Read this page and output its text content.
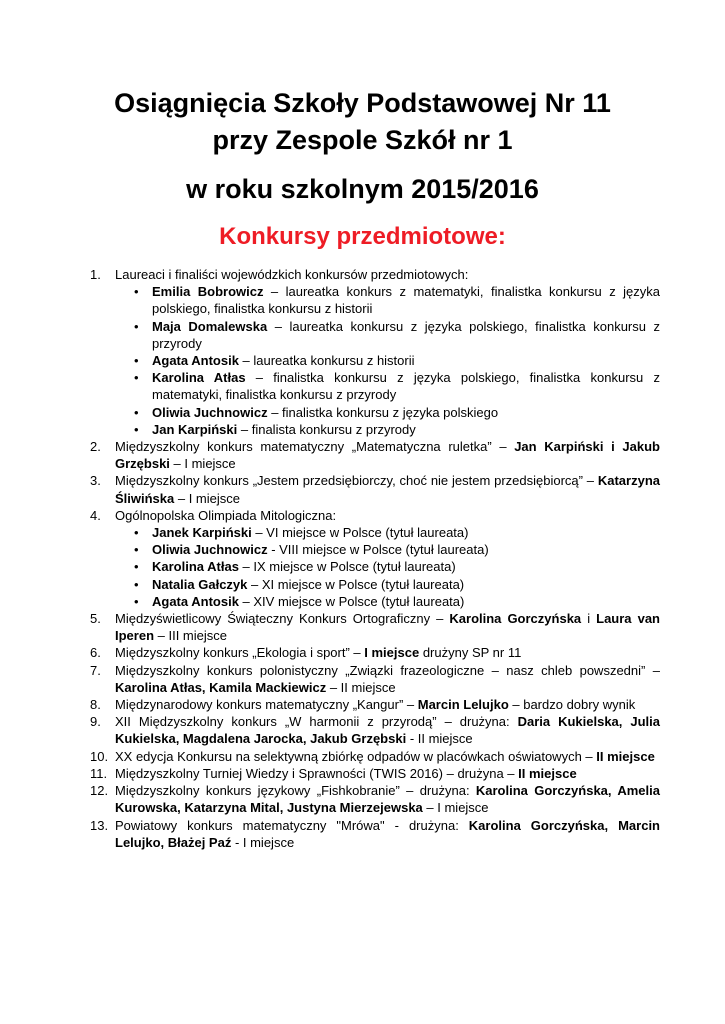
Osiągnięcia Szkoły Podstawowej Nr 11
przy Zespole Szkół nr 1
w roku szkolnym 2015/2016
Konkursy przedmiotowe:
1. Laureaci i finaliści wojewódzkich konkursów przedmiotowych:
• Emilia Bobrowicz – laureatka konkurs z matematyki, finalistka konkursu z języka polskiego, finalistka konkursu z historii
• Maja Domalewska – laureatka konkursu z języka polskiego, finalistka konkursu z przyrody
• Agata Antosik – laureatka konkursu z historii
• Karolina Atłas – finalistka konkursu z języka polskiego, finalistka konkursu z matematyki, finalistka konkursu z przyrody
• Oliwia Juchnowicz – finalistka konkursu z języka polskiego
• Jan Karpiński – finalista konkursu z przyrody
2. Międzyszkolny konkurs matematyczny „Matematyczna ruletka” – Jan Karpiński i Jakub Grzębski – I miejsce
3. Międzyszkolny konkurs „Jestem przedsiębiorczy, choć nie jestem przedsiębiorcą” – Katarzyna Śliwińska – I miejsce
4. Ogólnopolska Olimpiada Mitologiczna:
• Janek Karpiński – VI miejsce w Polsce (tytuł laureata)
• Oliwia Juchnowicz - VIII miejsce w Polsce (tytuł laureata)
• Karolina Atłas – IX miejsce w Polsce (tytuł laureata)
• Natalia Gałczyk – XI miejsce w Polsce (tytuł laureata)
• Agata Antosik – XIV miejsce w Polsce (tytuł laureata)
5. Międzyświetlicowy Świąteczny Konkurs Ortograficzny – Karolina Gorczyńska i Laura van Iperen – III miejsce
6. Międzyszkolny konkurs „Ekologia i sport” – I miejsce drużyny SP nr 11
7. Międzyszkolny konkurs polonistyczny „Związki frazeologiczne – nasz chleb powszedni” – Karolina Atłas, Kamila Mackiewicz – II miejsce
8. Międzynarodowy konkurs matematyczny „Kangur” – Marcin Lelujko – bardzo dobry wynik
9. XII Międzyszkolny konkurs „W harmonii z przyrodą” – drużyna: Daria Kukielska, Julia Kukielska, Magdalena Jarocka, Jakub Grzębski - II miejsce
10. XX edycja Konkursu na selektywną zbiórkę odpadów w placówkach oświatowych – II miejsce
11. Międzyszkolny Turniej Wiedzy i Sprawności (TWIS 2016) – drużyna – II miejsce
12. Międzyszkolny konkurs językowy „Fishkobranie” – drużyna: Karolina Gorczyńska, Amelia Kurowska, Katarzyna Mital, Justyna Mierzejewska – I miejsce
13. Powiatowy konkurs matematyczny "Mrówa" - drużyna: Karolina Gorczyńska, Marcin Lelujko, Błażej Paź - I miejsce
